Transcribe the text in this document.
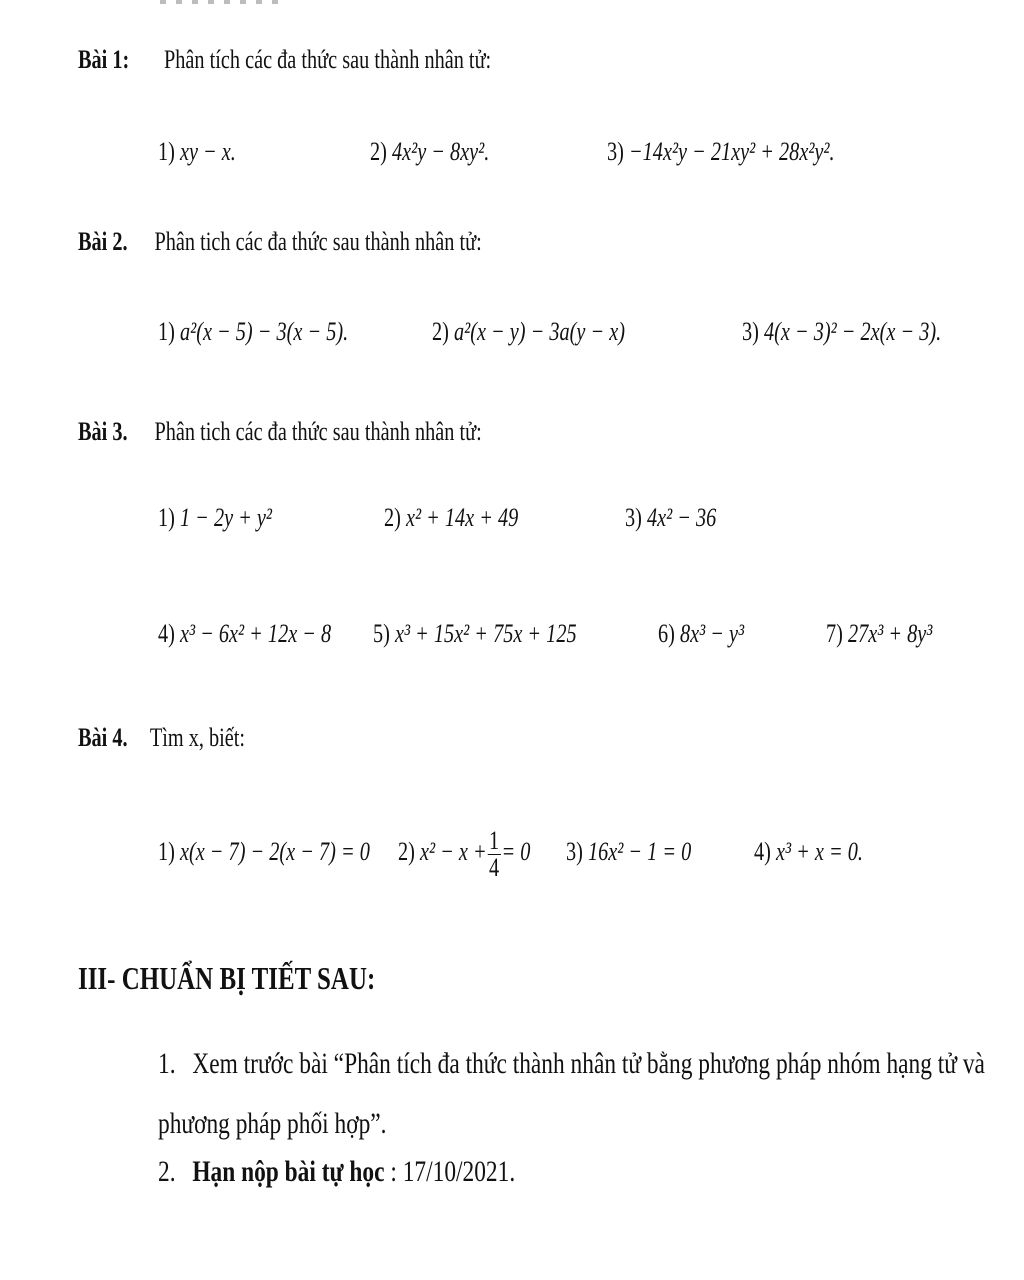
Bài 1: Phân tích các đa thức sau thành nhân tử:
1) xy − x.	2) 4x²y − 8xy².	3) −14x²y − 21xy² + 28x²y².
Bài 2. Phân tich các đa thức sau thành nhân tử:
1) a²(x − 5) − 3(x − 5).	2) a²(x − y) − 3a(y − x)	3) 4(x − 3)² − 2x(x − 3).
Bài 3. Phân tich các đa thức sau thành nhân tử:
1) 1 − 2y + y²	2) x² + 14x + 49	3) 4x² − 36
4) x³ − 6x² + 12x − 8 5) x³ + 15x² + 75x + 125	6) 8x³ − y³	7) 27x³ + 8y³
Bài 4. Tìm x, biết:
1) x(x − 7) − 2(x − 7) = 0 2) $x^2 - x + \frac{1}{4} = 0$ 3) 16x² − 1 = 0 4) x³ + x = 0.
III- CHUẨN BỊ TIẾT SAU:
1. Xem trước bài “Phân tích đa thức thành nhân tử bằng phương pháp nhóm hạng tử và
phương pháp phối hợp”.
2. Hạn nộp bài tự học : 17/10/2021.
